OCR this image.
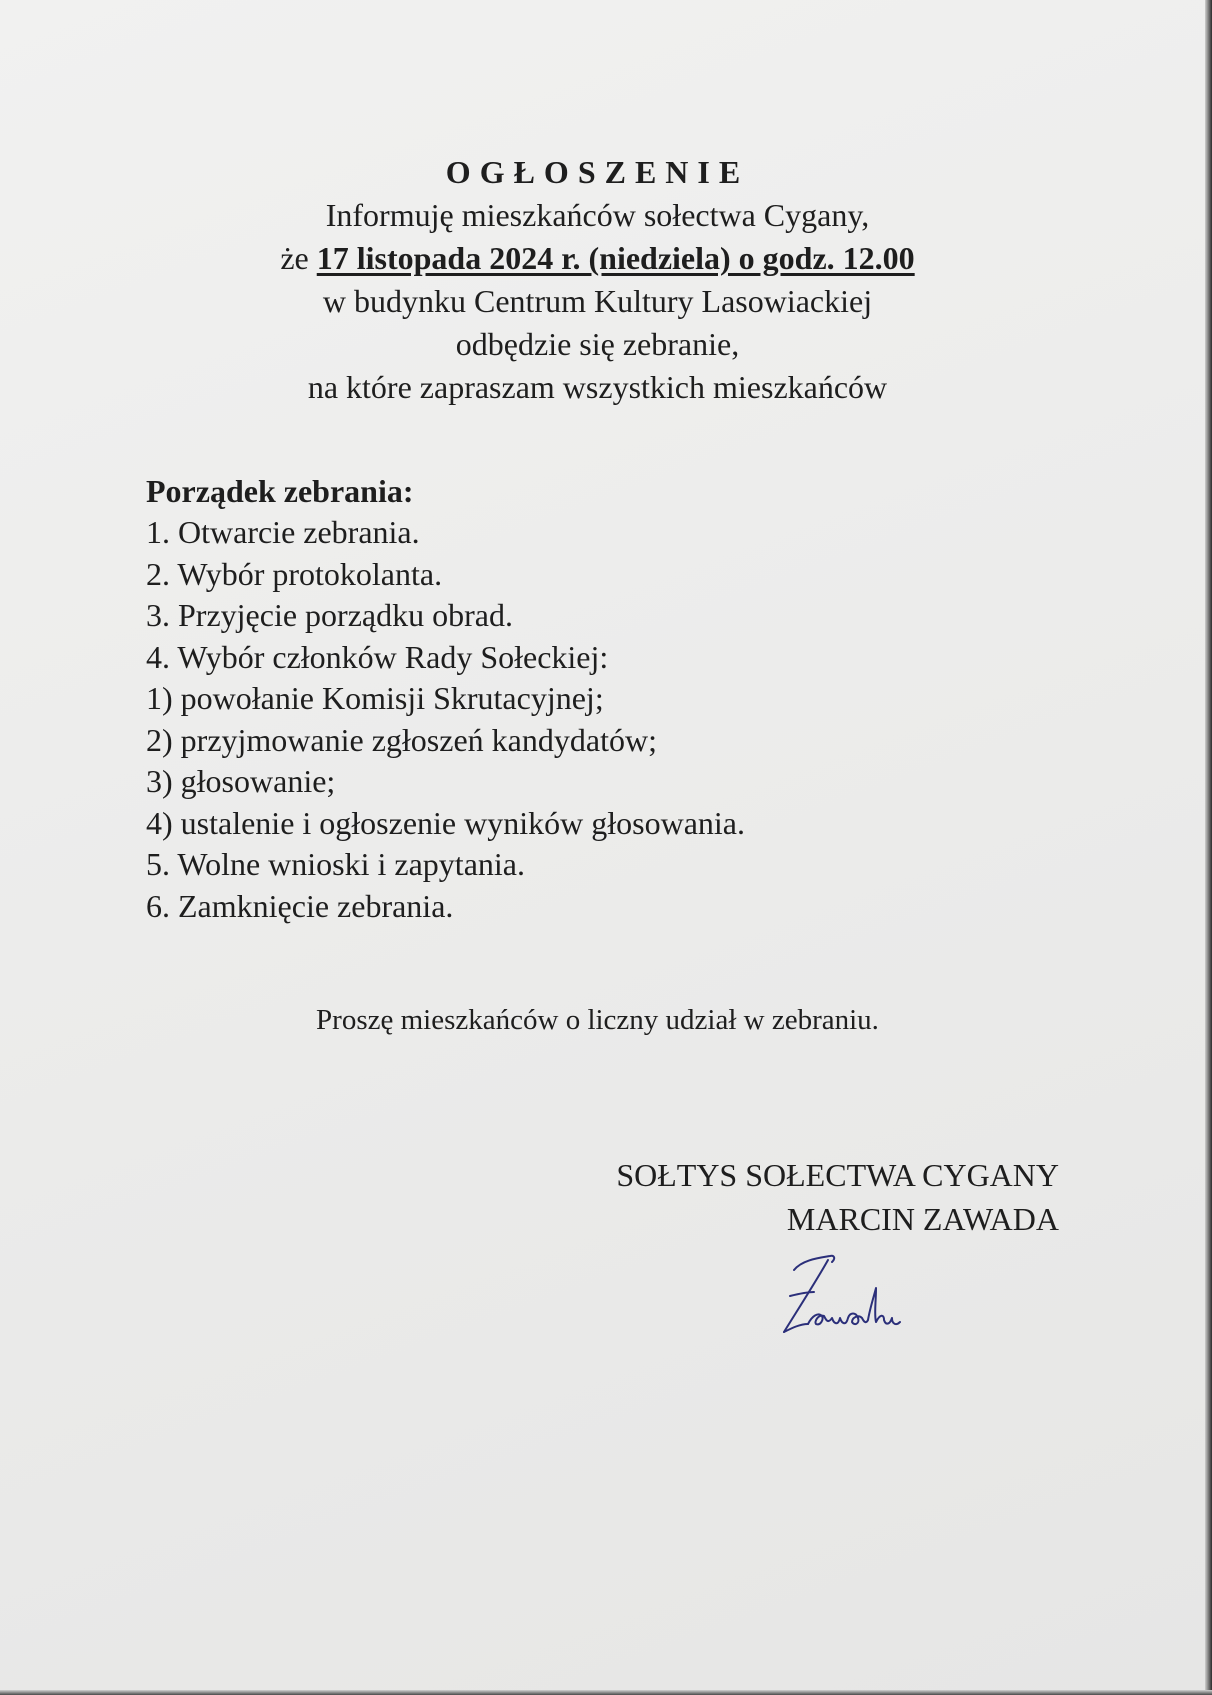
OGŁOSZENIE

Informuję mieszkańców sołectwa Cygany,

że 17 listopada 2024 r. (niedziela) o godz. 12.00

w budynku Centrum Kultury Lasowiackiej

odbędzie się zebranie,

na które zapraszam wszystkich mieszkańców

Porządek zebrania:

1. Otwarcie zebrania.

2. Wybór protokolanta.

3. Przyjęcie porządku obrad.

4. Wybór członków Rady Sołeckiej:

1) powołanie Komisji Skrutacyjnej;

2) przyjmowanie zgłoszeń kandydatów;

3) głosowanie;

4) ustalenie i ogłoszenie wyników głosowania.

5. Wolne wnioski i zapytania.

6. Zamknięcie zebrania.

Proszę mieszkańców o liczny udział w zebraniu.

SOŁTYS SOŁECTWA CYGANY

MARCIN ZAWADA
